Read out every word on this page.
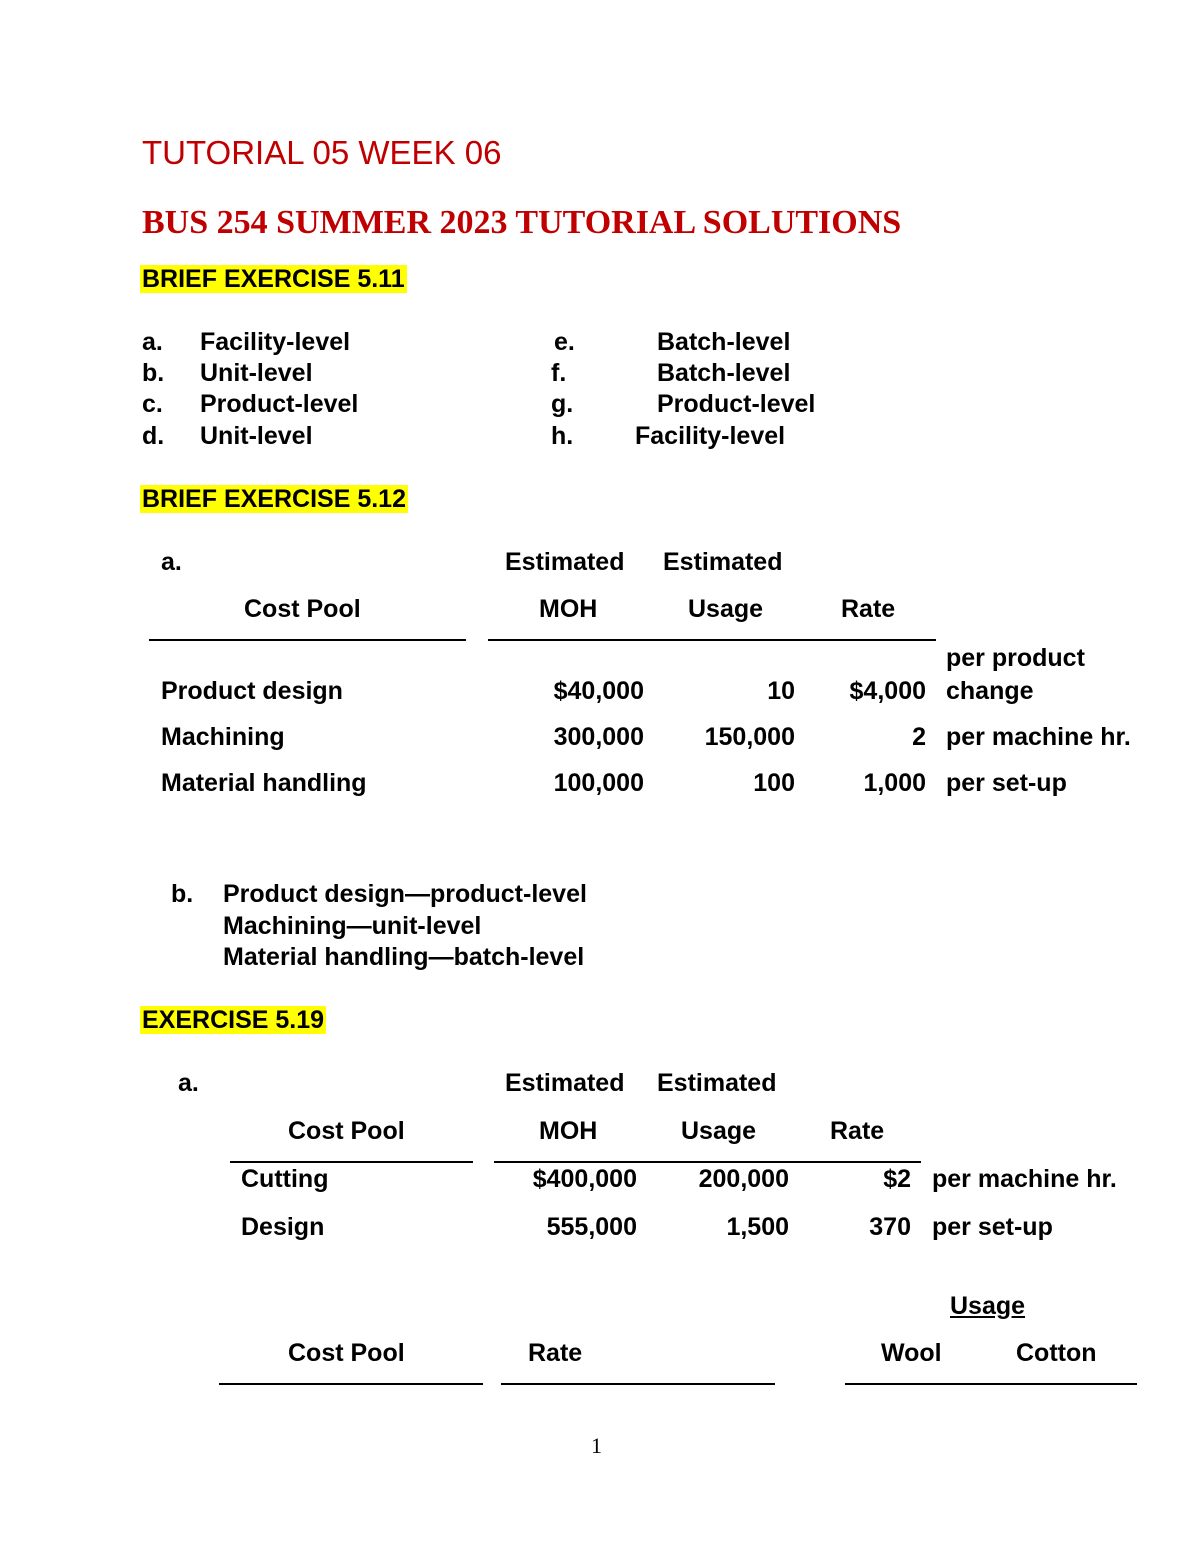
TUTORIAL 05 WEEK 06
BUS 254 SUMMER 2023 TUTORIAL SOLUTIONS
BRIEF EXERCISE 5.11
a. Facility-level
b. Unit-level
c. Product-level
d. Unit-level
e.	Batch-level
f.	Batch-level
g.	Product-level
h. Facility-level
BRIEF EXERCISE 5.12
a.	Estimated Estimated
Cost Pool	MOH	Usage	Rate
per product
Product design	$40,000	10	$4,000 change
Machining	300,000	150,000	2 per machine hr.
Material handling	100,000	100	1,000 per set-up
b. Product design—product-level
Machining—unit-level
Material handling—batch-level
EXERCISE 5.19
a.	Estimated Estimated
Cost Pool	MOH	Usage	Rate
Cutting	$400,000	200,000	$2 per machine hr.
Design	555,000	1,500	370 per set-up
Usage
Cost Pool	Rate	Wool	Cotton
1
